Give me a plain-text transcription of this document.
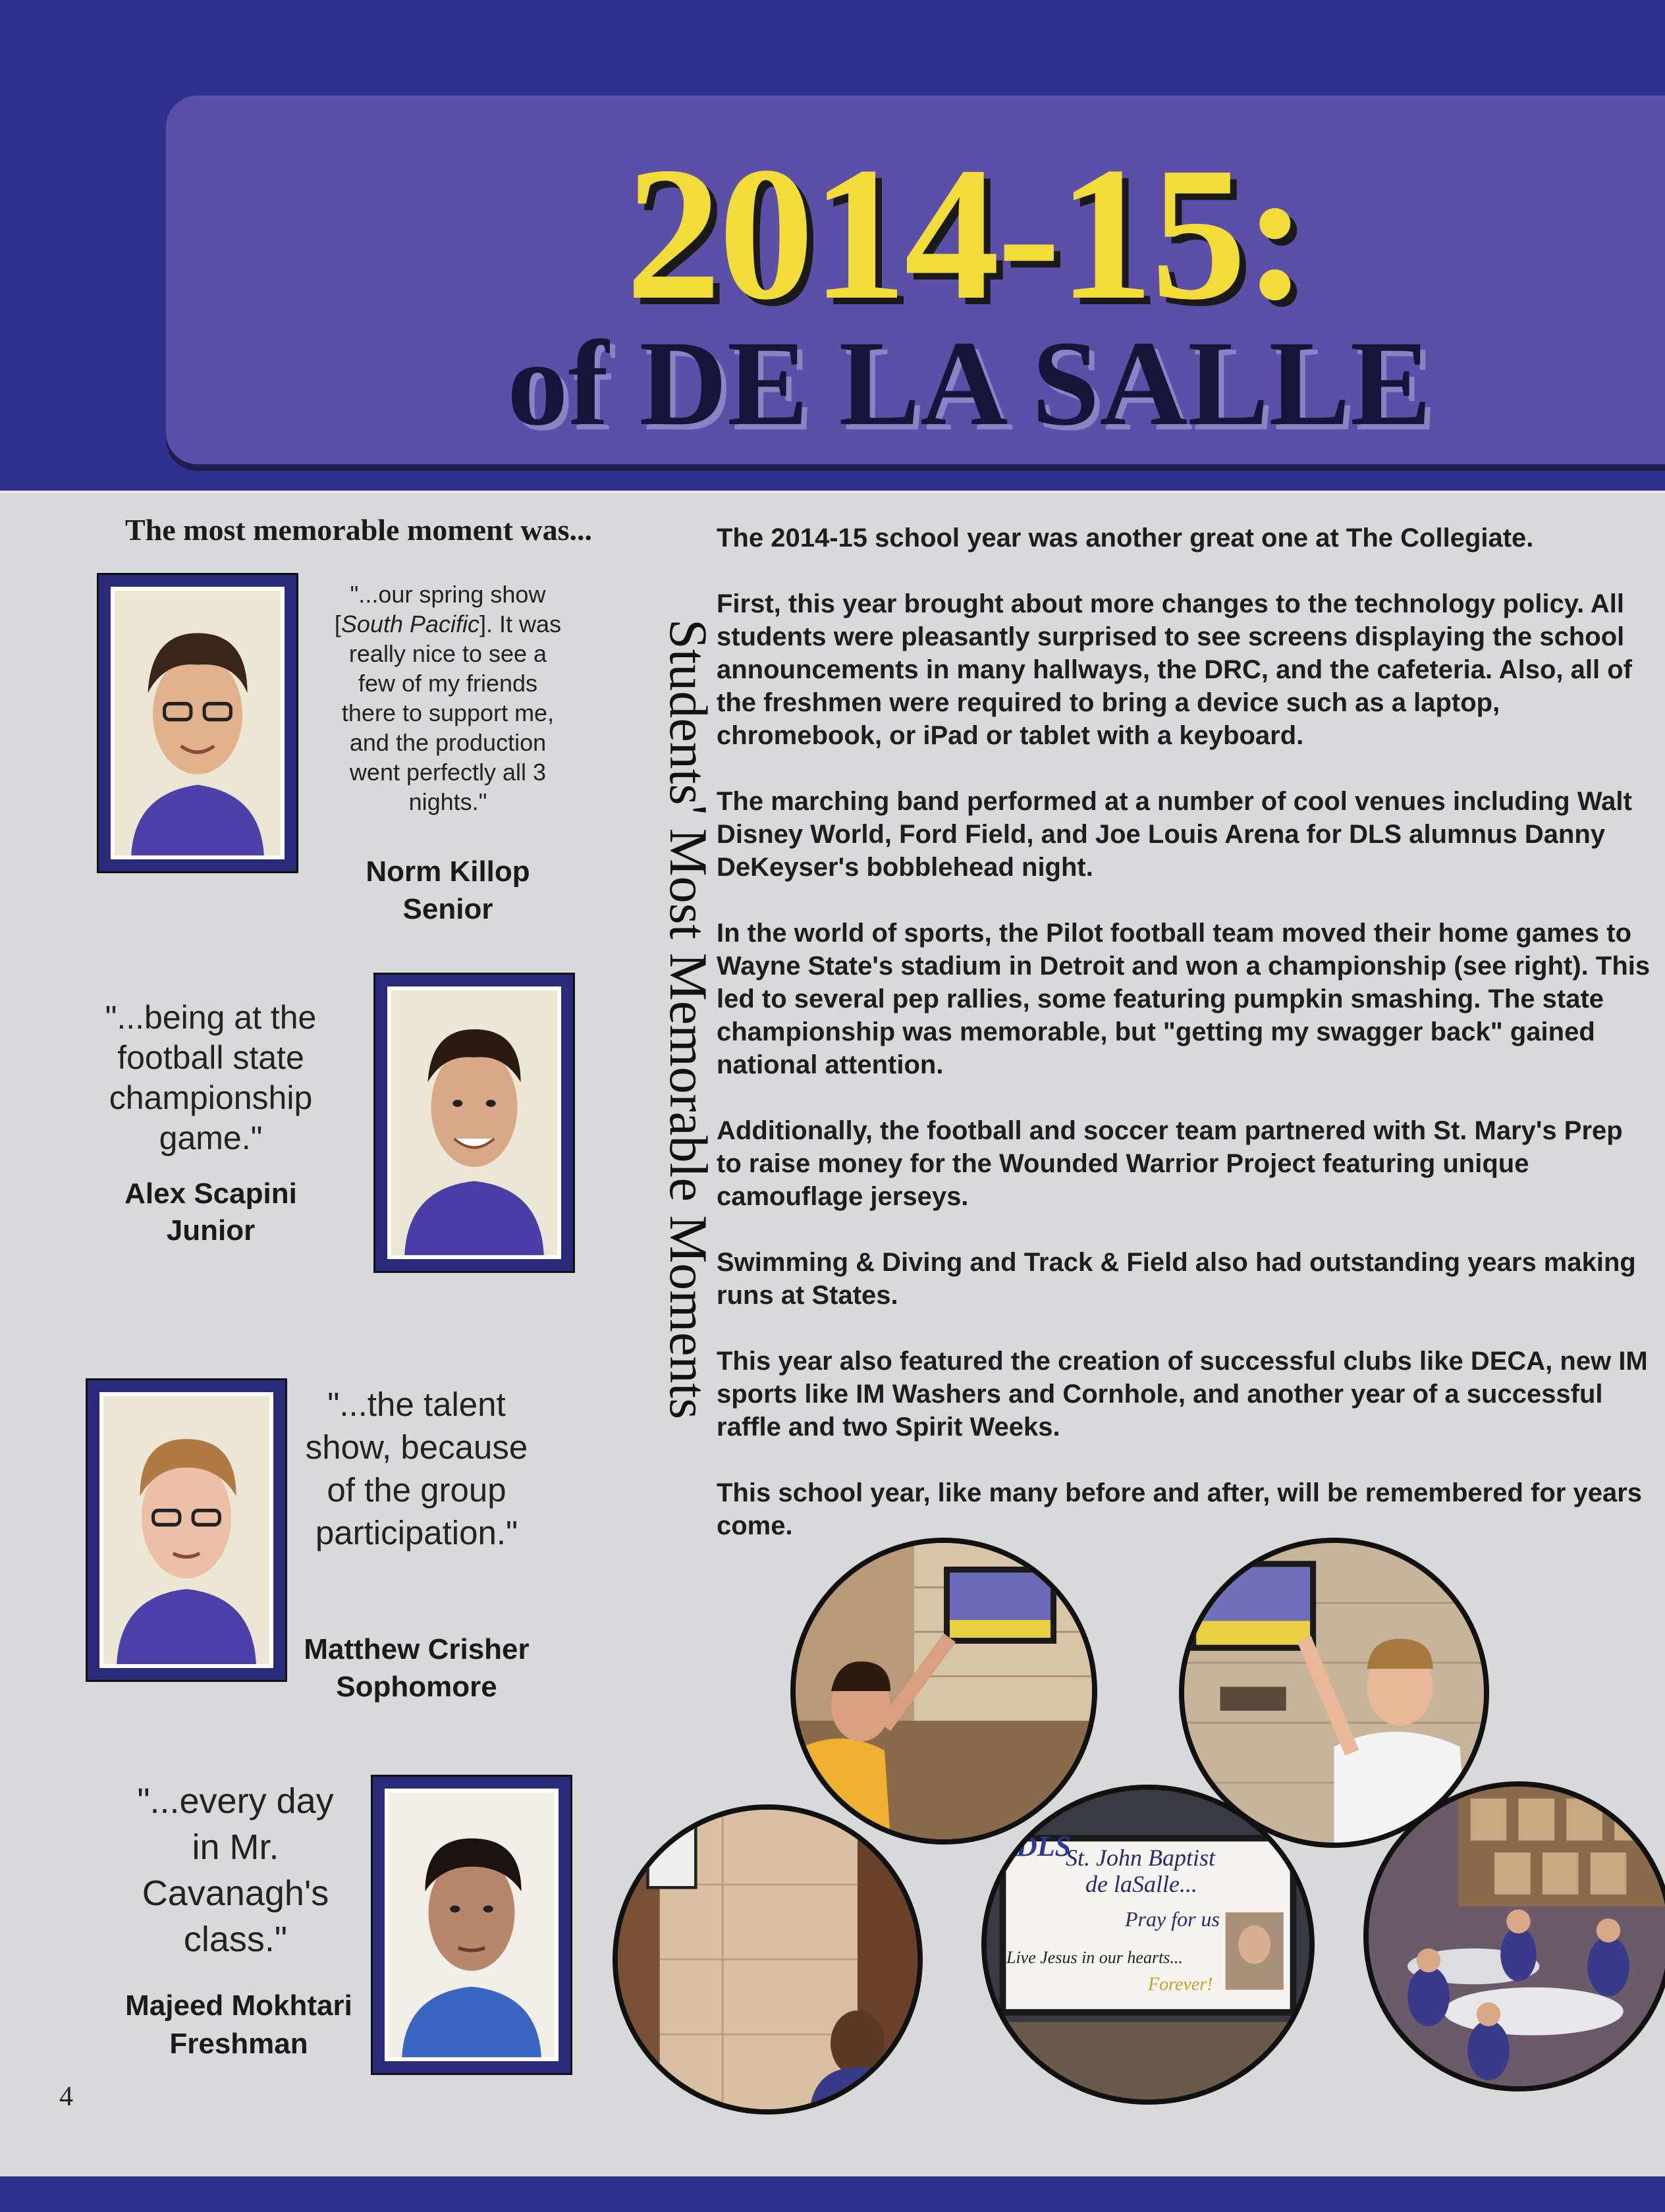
2014-15:
of DE LA SALLE
The most memorable moment was...
"...our spring show [South Pacific]. It was really nice to see a few of my friends there to support me, and the production went perfectly all 3 nights."
Norm Killop
Senior
"...being at the football state championship game."
Alex Scapini
Junior
"...the talent show, because of the group participation."
Matthew Crisher
Sophomore
"...every day in Mr. Cavanagh's class."
Majeed Mokhtari
Freshman
Students' Most Memorable Moments

The 2014-15 school year was another great one at The Collegiate.

First, this year brought about more changes to the technology policy. All students were pleasantly surprised to see screens displaying the school announcements in many hallways, the DRC, and the cafeteria. Also, all of the freshmen were required to bring a device such as a laptop, chromebook, or iPad or tablet with a keyboard.

The marching band performed at a number of cool venues including Walt Disney World, Ford Field, and Joe Louis Arena for DLS alumnus Danny DeKeyser's bobblehead night.

In the world of sports, the Pilot football team moved their home games to Wayne State's stadium in Detroit and won a championship (see right). This led to several pep rallies, some featuring pumpkin smashing. The state championship was memorable, but "getting my swagger back" gained national attention.

Additionally, the football and soccer team partnered with St. Mary's Prep to raise money for the Wounded Warrior Project featuring unique camouflage jerseys.

Swimming & Diving and Track & Field also had outstanding years making runs at States.

This year also featured the creation of successful clubs like DECA, new IM sports like IM Washers and Cornhole, and another year of a successful raffle and two Spirit Weeks.

This school year, like many before and after, will be remembered for years come.

DLS
St. John Baptist
de laSalle...
Pray for us
Live Jesus in our hearts...
Forever!
4
